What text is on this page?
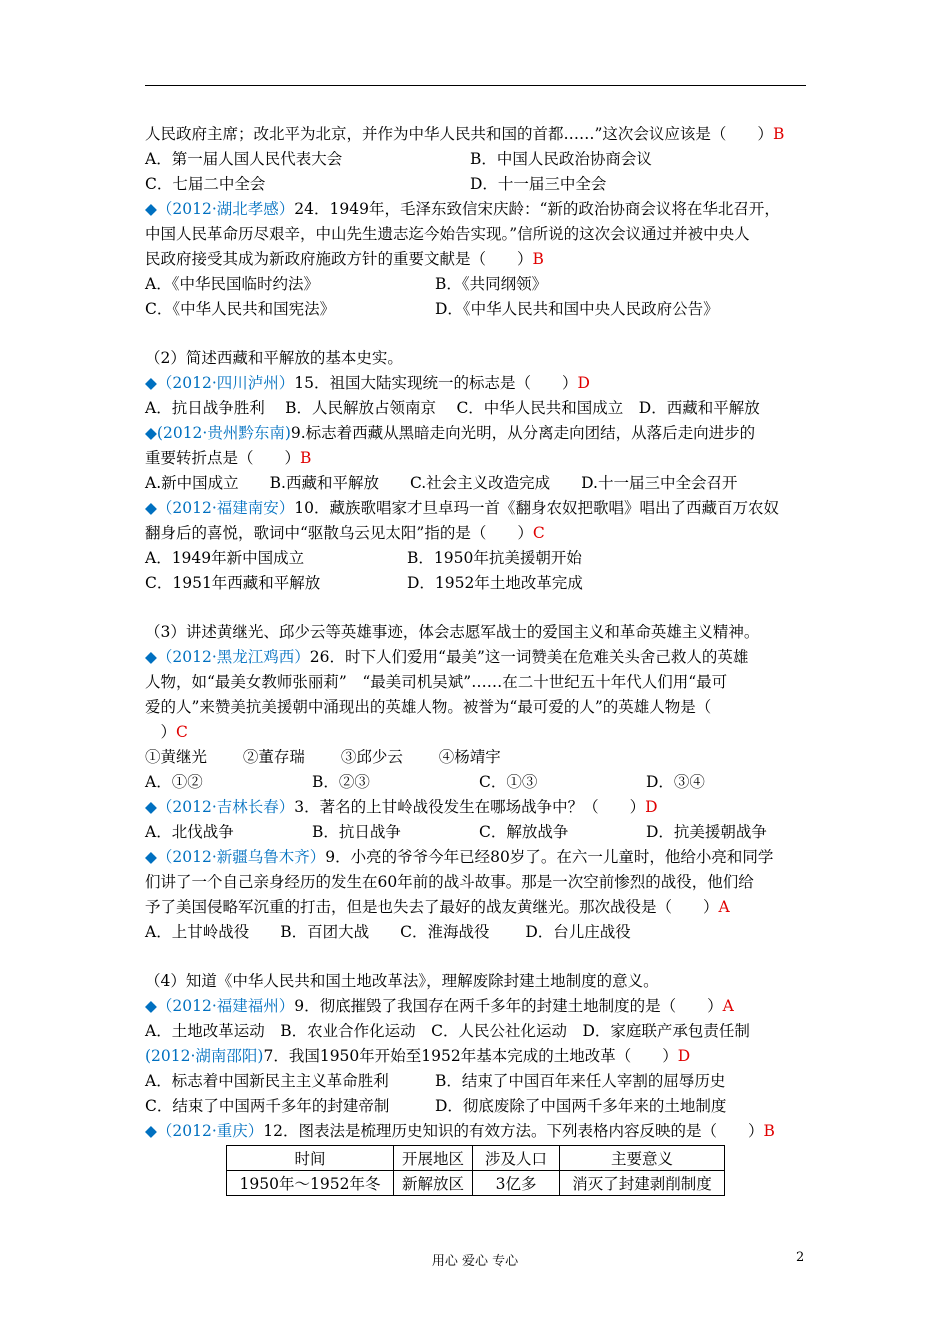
人民政府主席；改北平为北京，并作为中华人民共和国的首都……”这次会议应该是（　　）B
A．第一届人国人民代表大会	B．中国人民政治协商会议
C．七届二中全会	D．十一届三中全会
◆（2012·湖北孝感）24．1949年，毛泽东致信宋庆龄：“新的政治协商会议将在华北召开，
中国人民革命历尽艰辛，中山先生遗志迄今始告实现。”信所说的这次会议通过并被中央人
民政府接受其成为新政府施政方针的重要文献是（　　）B
A．《中华民国临时约法》	B．《共同纲领》
C．《中华人民共和国宪法》	D．《中华人民共和国中央人民政府公告》
（2）简述西藏和平解放的基本史实。
◆（2012·四川泸州）15．祖国大陆实现统一的标志是（　　）D
A．抗日战争胜利　 B．人民解放占领南京　 C．中华人民共和国成立　D．西藏和平解放
◆(2012·贵州黔东南)9.标志着西藏从黑暗走向光明，从分离走向团结，从落后走向进步的
重要转折点是（　　）B
A.新中国成立　　B.西藏和平解放　　C.社会主义改造完成　　D.十一届三中全会召开
◆（2012·福建南安）10．藏族歌唱家才旦卓玛一首《翻身农奴把歌唱》唱出了西藏百万农奴
翻身后的喜悦，歌词中“驱散乌云见太阳”指的是（　　）C
A．1949年新中国成立	B．1950年抗美援朝开始
C．1951年西藏和平解放	D．1952年土地改革完成
（3）讲述黄继光、邱少云等英雄事迹，体会志愿军战士的爱国主义和革命英雄主义精神。
◆（2012·黑龙江鸡西）26．时下人们爱用“最美”这一词赞美在危难关头舍己救人的英雄
人物，如“最美女教师张丽莉”　“最美司机吴斌”……在二十世纪五十年代人们用“最可
爱的人”来赞美抗美援朝中涌现出的英雄人物。被誉为“最可爱的人”的英雄人物是（
　）C
①黄继光　　 ②董存瑞　　 ③邱少云　　 ④杨靖宇
A．①②	B．②③	C．①③	D．③④
◆（2012·吉林长春）3．著名的上甘岭战役发生在哪场战争中？（　　）D
A．北伐战争	B．抗日战争	C．解放战争	D．抗美援朝战争
◆（2012·新疆乌鲁木齐）9．小亮的爷爷今年已经80岁了。在六一儿童时，他给小亮和同学
们讲了一个自己亲身经历的发生在60年前的战斗故事。那是一次空前惨烈的战役，他们给
予了美国侵略军沉重的打击，但是也失去了最好的战友黄继光。那次战役是（　　）A
A．上甘岭战役　　B．百团大战　　C．淮海战役　　 D．台儿庄战役
（4）知道《中华人民共和国土地改革法》，理解废除封建土地制度的意义。
◆（2012·福建福州）9．彻底摧毁了我国存在两千多年的封建土地制度的是（　　）A
A．土地改革运动　B．农业合作化运动　C．人民公社化运动　D．家庭联产承包责任制
(2012·湖南邵阳)7．我国1950年开始至1952年基本完成的土地改革（　　）D
A．标志着中国新民主主义革命胜利	B．结束了中国百年来任人宰割的屈辱历史
C．结束了中国两千多年的封建帝制	D．彻底废除了中国两千多年来的土地制度
◆（2012·重庆）12．图表法是梳理历史知识的有效方法。下列表格内容反映的是（　　）B
时间	开展地区	涉及人口	主要意义
1950年～1952年冬	新解放区	3亿多	消灭了封建剥削制度
用心 爱心 专心	2
